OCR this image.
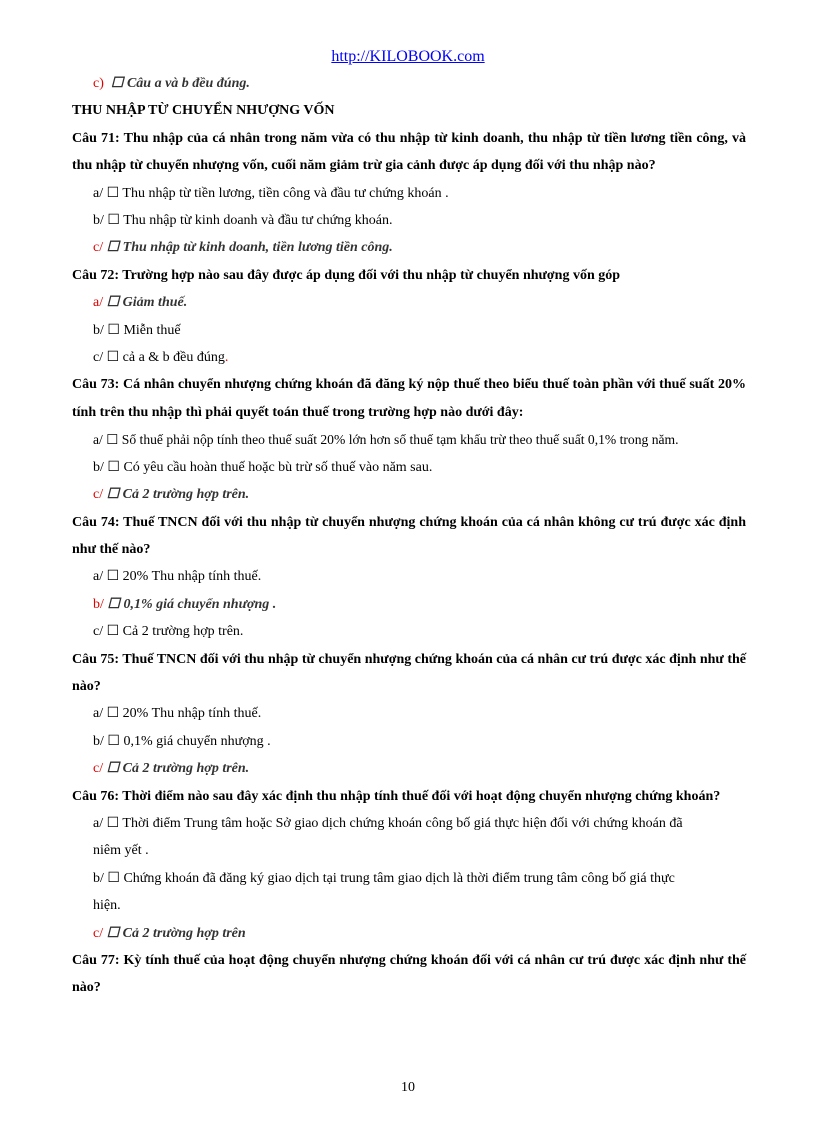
http://KILOBOOK.com

c) ☐ Câu a và b đều đúng.

THU NHẬP TỪ CHUYỂN NHƯỢNG VỐN

Câu 71: Thu nhập của cá nhân trong năm vừa có thu nhập từ kinh doanh, thu nhập từ tiền lương tiền công, và thu nhập từ chuyển nhượng vốn, cuối năm giảm trừ gia cảnh được áp dụng đối với thu nhập nào?

a/ ☐ Thu nhập từ tiền lương, tiền công và đầu tư chứng khoán .

b/ ☐ Thu nhập từ kinh doanh và đầu tư chứng khoán.

c/ ☐ Thu nhập từ kinh doanh, tiền lương tiền công.

Câu 72: Trường hợp nào sau đây được áp dụng đối với thu nhập từ chuyển nhượng vốn góp

a/ ☐ Giảm thuế.

b/ ☐ Miễn thuế

c/ ☐ cả a & b đều đúng.

Câu 73: Cá nhân chuyển nhượng chứng khoán đã đăng ký nộp thuế theo biểu thuế toàn phần với thuế suất 20% tính trên thu nhập thì phải quyết toán thuế trong trường hợp nào dưới đây:

a/ ☐ Số thuế phải nộp tính theo thuế suất 20% lớn hơn số thuế tạm khấu trừ theo thuế suất 0,1% trong năm.

b/ ☐ Có yêu cầu hoàn thuế hoặc bù trừ số thuế vào năm sau.

c/ ☐ Cả 2 trường hợp trên.

Câu 74: Thuế TNCN đối với thu nhập từ chuyển nhượng chứng khoán của cá nhân không cư trú được xác định như thế nào?

a/ ☐ 20% Thu nhập tính thuế.

b/ ☐ 0,1% giá chuyển nhượng .

c/ ☐ Cả 2 trường hợp trên.

Câu 75: Thuế TNCN đối với thu nhập từ chuyển nhượng chứng khoán của cá nhân cư trú được xác định như thế nào?

a/ ☐ 20% Thu nhập tính thuế.

b/ ☐ 0,1% giá chuyển nhượng .

c/ ☐ Cả 2 trường hợp trên.

Câu 76: Thời điểm nào sau đây xác định thu nhập tính thuế đối với hoạt động chuyển nhượng chứng khoán?

a/ ☐ Thời điểm Trung tâm hoặc Sở giao dịch chứng khoán công bố giá thực hiện đối với chứng khoán đã

niêm yết .

b/ ☐ Chứng khoán đã đăng ký giao dịch tại trung tâm giao dịch là thời điểm trung tâm công bố giá thực

hiện.

c/ ☐ Cả 2 trường hợp trên

Câu 77: Kỳ tính thuế của hoạt động chuyển nhượng chứng khoán đối với cá nhân cư trú được xác định như thế nào?

10
